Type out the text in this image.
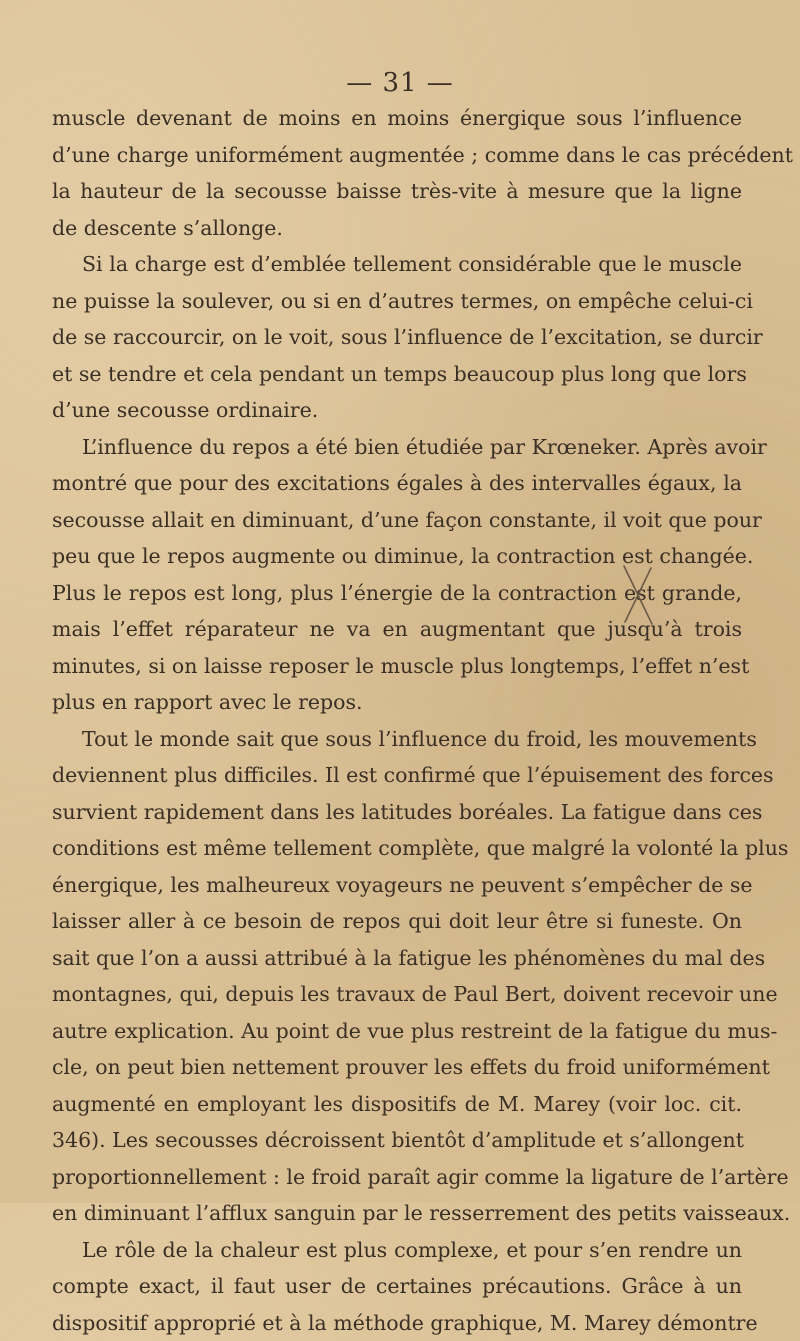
— 31 —
muscle devenant de moins en moins énergique sous l’influence
d’une charge uniformément augmentée ; comme dans le cas précédent
la hauteur de la secousse baisse très-vite à mesure que la ligne
de descente s’allonge.
Si la charge est d’emblée tellement considérable que le muscle
ne puisse la soulever, ou si en d’autres termes, on empêche celui-ci
de se raccourcir, on le voit, sous l’influence de l’excitation, se durcir
et se tendre et cela pendant un temps beaucoup plus long que lors
d’une secousse ordinaire.
L’influence du repos a été bien étudiée par Krœneker. Après avoir
montré que pour des excitations égales à des intervalles égaux, la
secousse allait en diminuant, d’une façon constante, il voit que pour
peu que le repos augmente ou diminue, la contraction est changée.
Plus le repos est long, plus l’énergie de la contraction est grande,
mais l’effet réparateur ne va en augmentant que jusqu’à trois
minutes, si on laisse reposer le muscle plus longtemps, l’effet n’est
plus en rapport avec le repos.
Tout le monde sait que sous l’influence du froid, les mouvements
deviennent plus difficiles. Il est confirmé que l’épuisement des forces
survient rapidement dans les latitudes boréales. La fatigue dans ces
conditions est même tellement complète, que malgré la volonté la plus
énergique, les malheureux voyageurs ne peuvent s’empêcher de se
laisser aller à ce besoin de repos qui doit leur être si funeste. On
sait que l’on a aussi attribué à la fatigue les phénomènes du mal des
montagnes, qui, depuis les travaux de Paul Bert, doivent recevoir une
autre explication. Au point de vue plus restreint de la fatigue du mus-
cle, on peut bien nettement prouver les effets du froid uniformément
augmenté en employant les dispositifs de M. Marey (voir loc. cit.
346). Les secousses décroissent bientôt d’amplitude et s’allongent
proportionnellement : le froid paraît agir comme la ligature de l’artère
en diminuant l’afflux sanguin par le resserrement des petits vaisseaux.
Le rôle de la chaleur est plus complexe, et pour s’en rendre un
compte exact, il faut user de certaines précautions. Grâce à un
dispositif approprié et à la méthode graphique, M. Marey démontre
